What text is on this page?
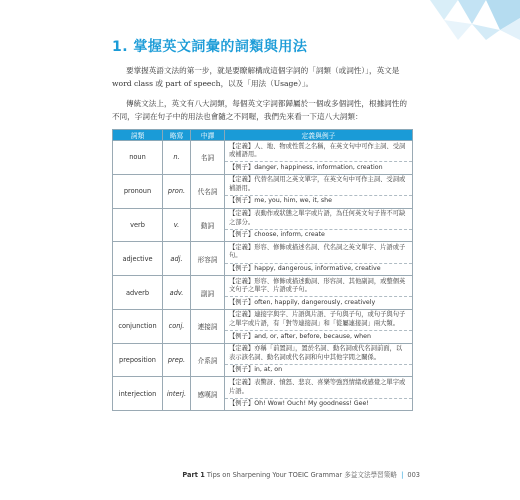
1. 掌握英文詞彙的詞類與用法
要掌握英語文法的第一步，就是要瞭解構成這個字詞的「詞類（或詞性）」，英文是 word class 或 part of speech，以及「用法（Usage）」。
傳統文法上，英文有八大詞類，每個英文字詞都歸屬於一個或多個詞性，根據詞性的不同，字詞在句子中的用法也會隨之不同喔，我們先來看一下這八大詞類：
詞類	略寫	中譯	定義與例子
noun	n.	名詞	【定義】人、地、物或性質之名稱，在英文句中可作主詞、受詞或補語用。
【例子】danger, happiness, information, creation

pronoun	pron.	代名詞	【定義】代替名詞用之英文單字，在英文句中可作主詞、受詞或補語用。
【例子】me, you, him, we, it, she

verb	v.	動詞	【定義】表動作或狀態之單字或片語，為任何英文句子皆不可缺之部分。
【例子】choose, inform, create

adjective	adj.	形容詞	【定義】形容、修飾或描述名詞、代名詞之英文單字、片語或子句。
【例子】happy, dangerous, informative, creative

adverb	adv.	副詞	【定義】形容、修飾或描述動詞、形容詞、其他副詞，或整個英文句子之單字、片語或子句。
【例子】often, happily, dangerously, creatively

conjunction	conj.	連接詞	【定義】連接字與字、片語與片語、子句與子句，或句子與句子之單字或片語，有「對等連接詞」和「從屬連接詞」兩大類。
【例子】and, or, after, before, because, when

preposition	prep.	介系詞	【定義】亦稱「前置詞」，置於名詞、動名詞或代名詞前面，以表示該名詞、動名詞或代名詞和句中其他字間之關係。
【例子】in, at, on

interjection	interj.	感嘆詞	【定義】表驚訝、憤怒、悲哀、喜樂等強烈情緒或感覺之單字或片語。
【例子】Oh! Wow! Ouch! My goodness! Gee!
Part 1 Tips on Sharpening Your TOEIC Grammar 多益文法學習策略 | 003
